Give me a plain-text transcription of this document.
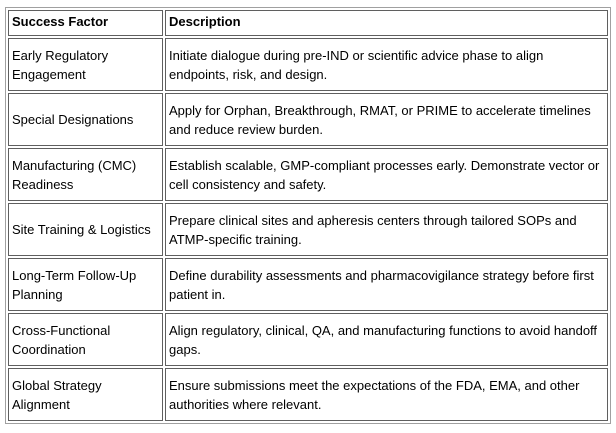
Success Factor	Description
Early Regulatory Engagement	Initiate dialogue during pre-IND or scientific advice phase to align endpoints, risk, and design.
Special Designations	Apply for Orphan, Breakthrough, RMAT, or PRIME to accelerate timelines and reduce review burden.
Manufacturing (CMC) Readiness	Establish scalable, GMP-compliant processes early. Demonstrate vector or cell consistency and safety.
Site Training & Logistics	Prepare clinical sites and apheresis centers through tailored SOPs and ATMP-specific training.
Long-Term Follow-Up Planning	Define durability assessments and pharmacovigilance strategy before first patient in.
Cross-Functional Coordination	Align regulatory, clinical, QA, and manufacturing functions to avoid handoff gaps.
Global Strategy Alignment	Ensure submissions meet the expectations of the FDA, EMA, and other authorities where relevant.
